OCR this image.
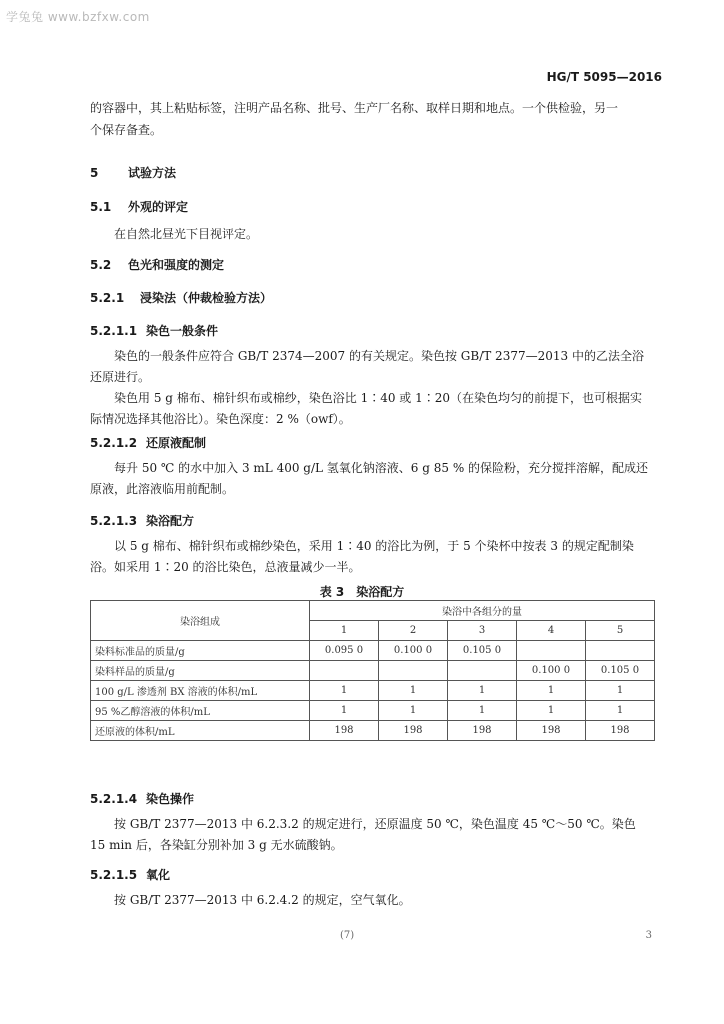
学兔兔 www.bzfxw.com
HG/T 5095—2016
的容器中，其上粘贴标签，注明产品名称、批号、生产厂名称、取样日期和地点。一个供检验，另一
个保存备查。
5 试验方法
5.1 外观的评定
在自然北昼光下目视评定。
5.2 色光和强度的测定
5.2.1 浸染法（仲裁检验方法）
5.2.1.1 染色一般条件
染色的一般条件应符合 GB/T 2374—2007 的有关规定。染色按 GB/T 2377—2013 中的乙法全浴还原进行。
染色用 5 g 棉布、棉针织布或棉纱，染色浴比 1∶40 或 1∶20（在染色均匀的前提下，也可根据实际情况选择其他浴比）。染色深度：2 %（owf）。
5.2.1.2 还原液配制
每升 50 ℃ 的水中加入 3 mL 400 g/L 氢氧化钠溶液、6 g 85 % 的保险粉，充分搅拌溶解，配成还原液，此溶液临用前配制。
5.2.1.3 染浴配方
以 5 g 棉布、棉针织布或棉纱染色，采用 1∶40 的浴比为例，于 5 个染杯中按表 3 的规定配制染浴。如采用 1∶20 的浴比染色，总液量减少一半。
表 3　染浴配方
染浴组成	染浴中各组分的量				
	1	2	3	4	5
染料标准品的质量/g	0.095 0	0.100 0	0.105 0		
染料样品的质量/g				0.100 0	0.105 0
100 g/L 渗透剂 BX 溶液的体积/mL	1	1	1	1	1
95 %乙醇溶液的体积/mL	1	1	1	1	1
还原液的体积/mL	198	198	198	198	198
5.2.1.4 染色操作
按 GB/T 2377—2013 中 6.2.3.2 的规定进行，还原温度 50 ℃，染色温度 45 ℃～50 ℃。染色 15 min 后，各染缸分别补加 3 g 无水硫酸钠。
5.2.1.5 氧化
按 GB/T 2377—2013 中 6.2.4.2 的规定，空气氧化。
(7)	3
